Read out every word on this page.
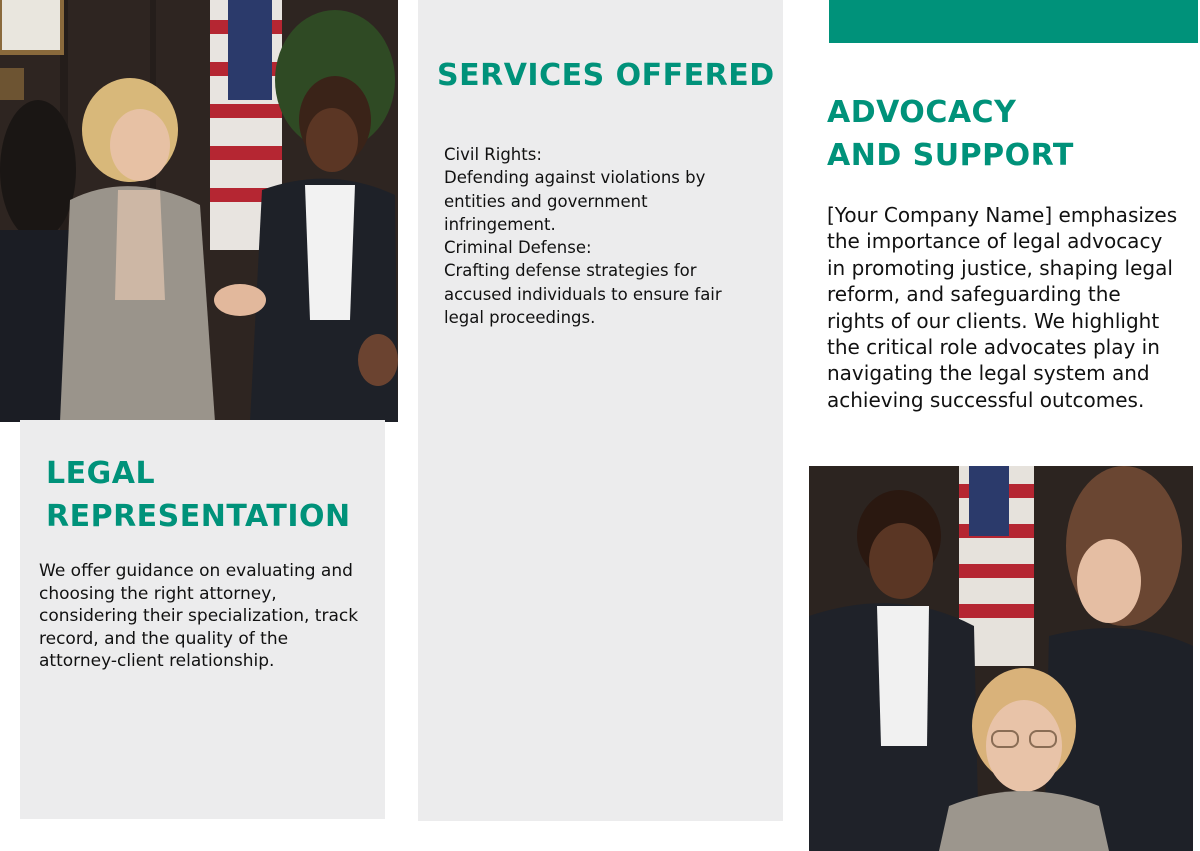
LEGAL
REPRESENTATION

We offer guidance on evaluating and choosing the right attorney, considering their specialization, track record, and the quality of the attorney-client relationship.

SERVICES OFFERED
Civil Rights:
Defending against violations by entities and government infringement.
Criminal Defense:
Crafting defense strategies for accused individuals to ensure fair legal proceedings.
ADVOCACY
AND SUPPORT

[Your Company Name] emphasizes the importance of legal advocacy in promoting justice, shaping legal reform, and safeguarding the rights of our clients. We highlight the critical role advocates play in navigating the legal system and achieving successful outcomes.
